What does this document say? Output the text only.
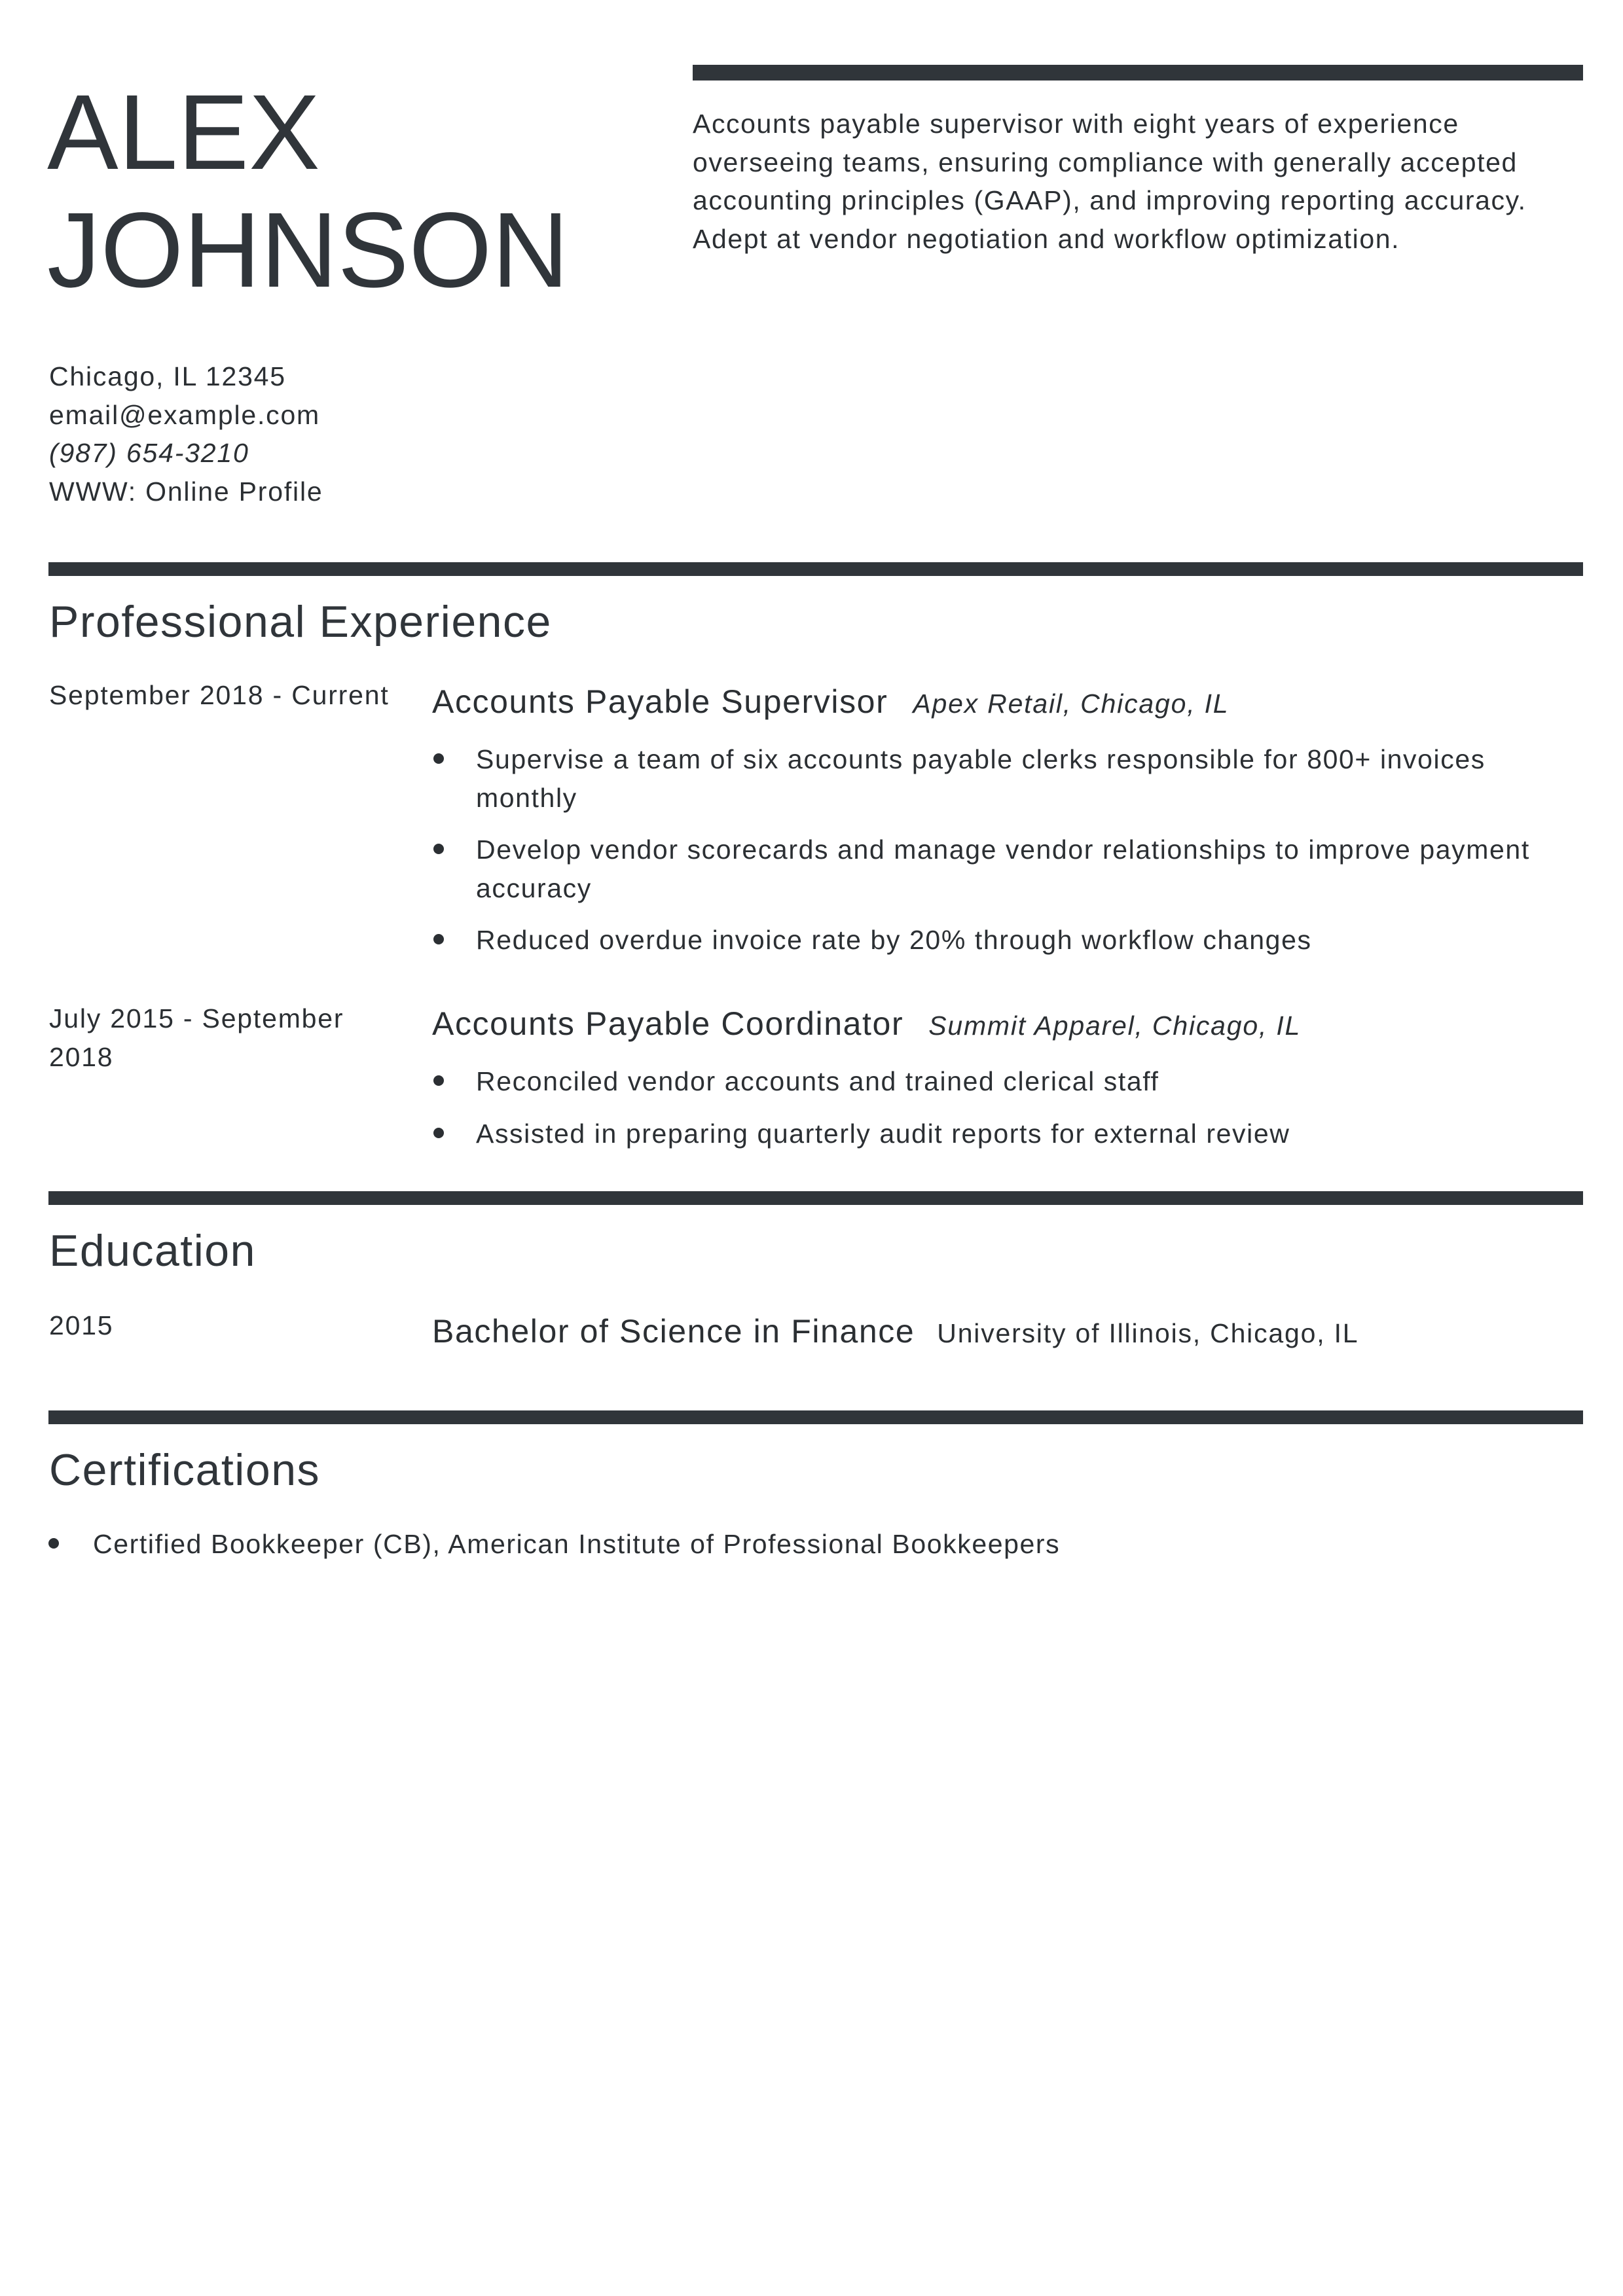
ALEX
JOHNSON
Accounts payable supervisor with eight years of experience overseeing teams, ensuring compliance with generally accepted accounting principles (GAAP), and improving reporting accuracy. Adept at vendor negotiation and workflow optimization.
Chicago, IL 12345
email@example.com
(987) 654-3210
WWW: Online Profile
Professional Experience
September 2018 - Current Accounts Payable Supervisor Apex Retail, Chicago, IL
Supervise a team of six accounts payable clerks responsible for 800+ invoices monthly
Develop vendor scorecards and manage vendor relationships to improve payment accuracy
Reduced overdue invoice rate by 20% through workflow changes
July 2015 - September 2018
Accounts Payable Coordinator Summit Apparel, Chicago, IL
Reconciled vendor accounts and trained clerical staff
Assisted in preparing quarterly audit reports for external review
Education
2015	Bachelor of Science in Finance University of Illinois, Chicago, IL
Certifications
Certified Bookkeeper (CB), American Institute of Professional Bookkeepers
